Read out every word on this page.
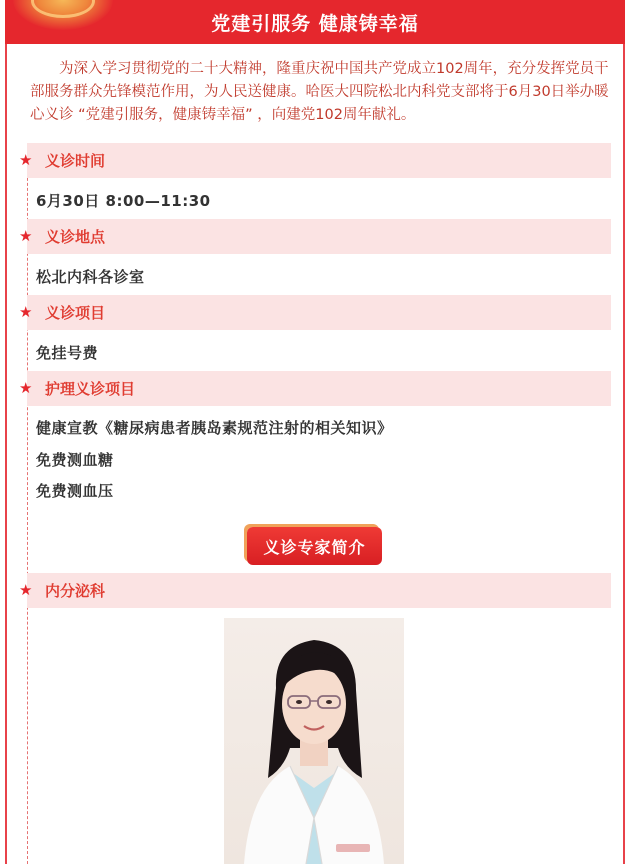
党建引服务 健康铸幸福

为深入学习贯彻党的二十大精神，隆重庆祝中国共产党成立102周年，充分发挥党员干部服务群众先锋模范作用，为人民送健康。哈医大四院松北内科党支部将于6月30日举办暖心义诊 “党建引服务，健康铸幸福” ，向建党102周年献礼。

★ 义诊时间
6月30日 8:00—11:30
★ 义诊地点
松北内科各诊室
★ 义诊项目
免挂号费
★ 护理义诊项目
健康宣教《糖尿病患者胰岛素规范注射的相关知识》
免费测血糖
免费测血压
义诊专家简介
★ 内分泌科
